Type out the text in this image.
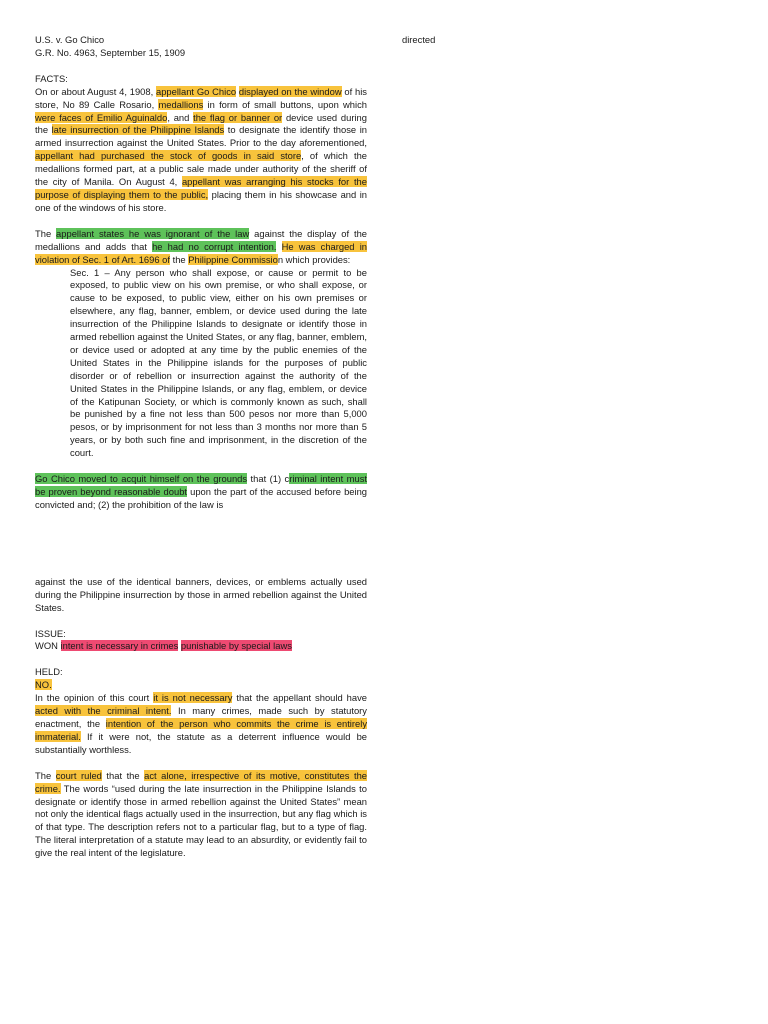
U.S. v. Go Chico

G.R. No. 4963, September 15, 1909

FACTS:

On or about August 4, 1908, appellant Go Chico displayed on the window of his store, No 89 Calle Rosario, medallions in form of small buttons, upon which were faces of Emilio Aguinaldo, and the flag or banner or device used during the late insurrection of the Philippine Islands to designate the identify those in armed insurrection against the United States. Prior to the day aforementioned, appellant had purchased the stock of goods in said store, of which the medallions formed part, at a public sale made under authority of the sheriff of the city of Manila. On August 4, appellant was arranging his stocks for the purpose of displaying them to the public, placing them in his showcase and in one of the windows of his store.

The appellant states he was ignorant of the law against the display of the medallions and adds that he had no corrupt intention. He was charged in violation of Sec. 1 of Art. 1696 of the Philippine Commission which provides:

Sec. 1 – Any person who shall expose, or cause or permit to be exposed, to public view on his own premise, or who shall expose, or cause to be exposed, to public view, either on his own premises or elsewhere, any flag, banner, emblem, or device used during the late insurrection of the Philippine Islands to designate or identify those in armed rebellion against the United States, or any flag, banner, emblem, or device used or adopted at any time by the public enemies of the United States in the Philippine islands for the purposes of public disorder or of rebellion or insurrection against the authority of the United States in the Philippine Islands, or any flag, emblem, or device of the Katipunan Society, or which is commonly known as such, shall be punished by a fine not less than 500 pesos nor more than 5,000 pesos, or by imprisonment for not less than 3 months nor more than 5 years, or by both such fine and imprisonment, in the discretion of the court.

Go Chico moved to acquit himself on the grounds that (1) criminal intent must be proven beyond reasonable doubt upon the part of the accused before being convicted and; (2) the prohibition of the law is

against the use of the identical banners, devices, or emblems actually used during the Philippine insurrection by those in armed rebellion against the United States.

ISSUE:

WON intent is necessary in crimes punishable by special laws

HELD:

NO.

In the opinion of this court it is not necessary that the appellant should have acted with the criminal intent. In many crimes, made such by statutory enactment, the intention of the person who commits the crime is entirely immaterial. If it were not, the statute as a deterrent influence would be substantially worthless.

The court ruled that the act alone, irrespective of its motive, constitutes the crime. The words “used during the late insurrection in the Philippine Islands to designate or identify those in armed rebellion against the United States” mean not only the identical flags actually used in the insurrection, but any flag which is of that type. The description refers not to a particular flag, but to a type of flag. The literal interpretation of a statute may lead to an absurdity, or evidently fail to give the real intent of the legislature.

directed
